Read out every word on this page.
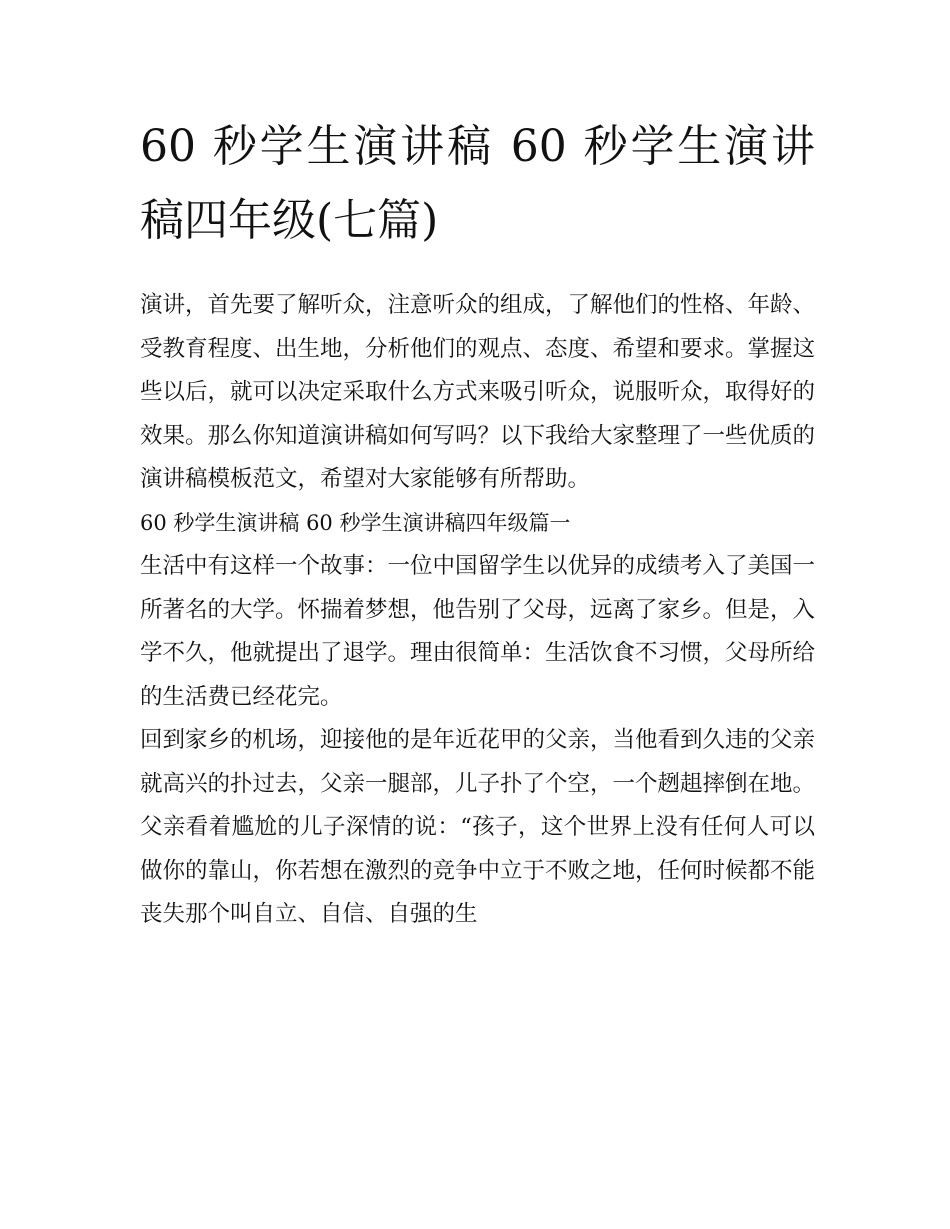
60 秒学生演讲稿 60 秒学生演讲稿四年级(七篇)

演讲，首先要了解听众，注意听众的组成，了解他们的性格、年龄、受教育程度、出生地，分析他们的观点、态度、希望和要求。掌握这些以后，就可以决定采取什么方式来吸引听众，说服听众，取得好的效果。那么你知道演讲稿如何写吗？以下我给大家整理了一些优质的演讲稿模板范文，希望对大家能够有所帮助。

60 秒学生演讲稿 60 秒学生演讲稿四年级篇一

生活中有这样一个故事：一位中国留学生以优异的成绩考入了美国一所著名的大学。怀揣着梦想，他告别了父母，远离了家乡。但是，入学不久，他就提出了退学。理由很简单：生活饮食不习惯，父母所给的生活费已经花完。

回到家乡的机场，迎接他的是年近花甲的父亲，当他看到久违的父亲就高兴的扑过去，父亲一腿部，儿子扑了个空，一个趔趄摔倒在地。父亲看着尴尬的儿子深情的说：“孩子，这个世界上没有任何人可以做你的靠山，你若想在激烈的竞争中立于不败之地，任何时候都不能丧失那个叫自立、自信、自强的生
